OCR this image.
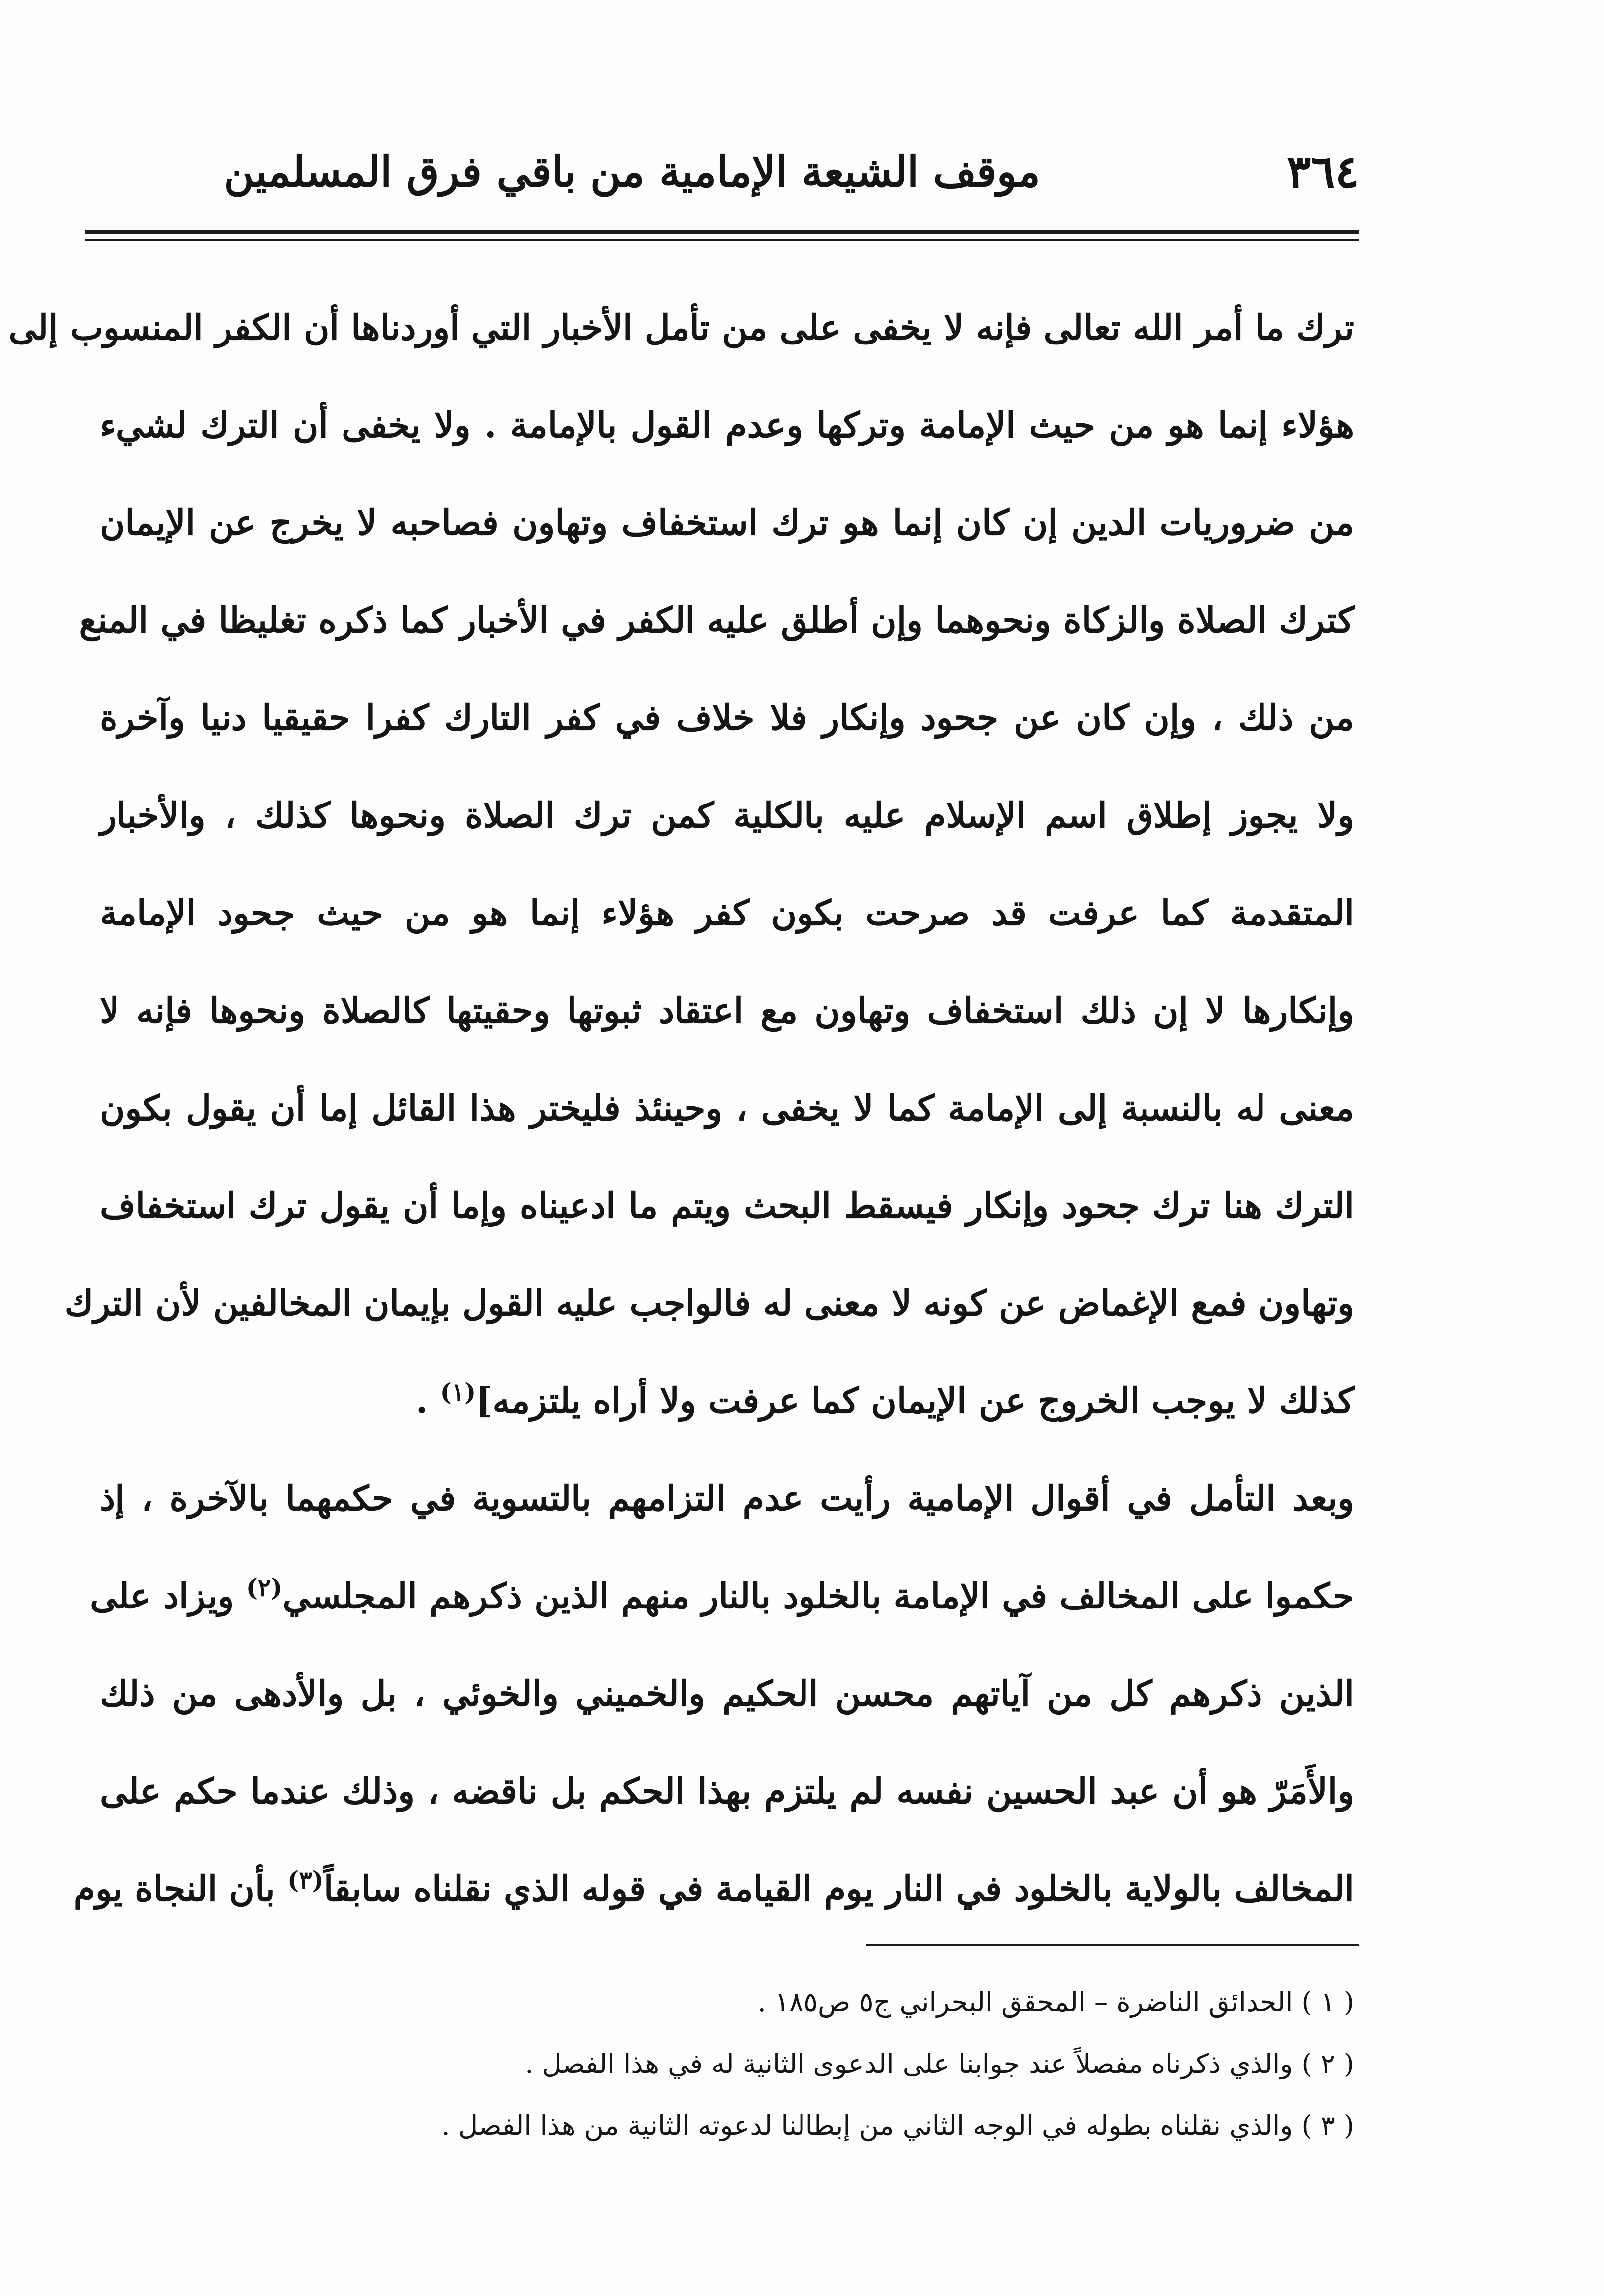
٣٦٤
موقف الشيعة الإمامية من باقي فرق المسلمين
ترك ما أمر الله تعالى فإنه لا يخفى على من تأمل الأخبار التي أوردناها أن الكفر المنسوب إلى
هؤلاء إنما هو من حيث الإمامة وتركها وعدم القول بالإمامة . ولا يخفى أن الترك لشيء
من ضروريات الدين إن كان إنما هو ترك استخفاف وتهاون فصاحبه لا يخرج عن الإيمان
كترك الصلاة والزكاة ونحوهما وإن أطلق عليه الكفر في الأخبار كما ذكره تغليظا في المنع
من ذلك ، وإن كان عن جحود وإنكار فلا خلاف في كفر التارك كفرا حقيقيا دنيا وآخرة
ولا يجوز إطلاق اسم الإسلام عليه بالكلية كمن ترك الصلاة ونحوها كذلك ، والأخبار
المتقدمة كما عرفت قد صرحت بكون كفر هؤلاء إنما هو من حيث جحود الإمامة
وإنكارها لا إن ذلك استخفاف وتهاون مع اعتقاد ثبوتها وحقيتها كالصلاة ونحوها فإنه لا
معنى له بالنسبة إلى الإمامة كما لا يخفى ، وحينئذ فليختر هذا القائل إما أن يقول بكون
الترك هنا ترك جحود وإنكار فيسقط البحث ويتم ما ادعيناه وإما أن يقول ترك استخفاف
وتهاون فمع الإغماض عن كونه لا معنى له فالواجب عليه القول بإيمان المخالفين لأن الترك
كذلك لا يوجب الخروج عن الإيمان كما عرفت ولا أراه يلتزمه]$^{(١)}$ .
وبعد التأمل في أقوال الإمامية رأيت عدم التزامهم بالتسوية في حكمهما بالآخرة ، إذ
حكموا على المخالف في الإمامة بالخلود بالنار منهم الذين ذكرهم المجلسي$^{(٢)}$ ويزاد على
الذين ذكرهم كل من آياتهم محسن الحكيم والخميني والخوئي ، بل والأدهى من ذلك
والأَمَرّ هو أن عبد الحسين نفسه لم يلتزم بهذا الحكم بل ناقضه ، وذلك عندما حكم على
المخالف بالولاية بالخلود في النار يوم القيامة في قوله الذي نقلناه سابقاً$^{(٣)}$ بأن النجاة يوم
( ١ ) الحدائق الناضرة – المحقق البحراني ج٥ ص١٨٥ .
( ٢ ) والذي ذكرناه مفصلاً عند جوابنا على الدعوى الثانية له في هذا الفصل .
( ٣ ) والذي نقلناه بطوله في الوجه الثاني من إبطالنا لدعوته الثانية من هذا الفصل .
